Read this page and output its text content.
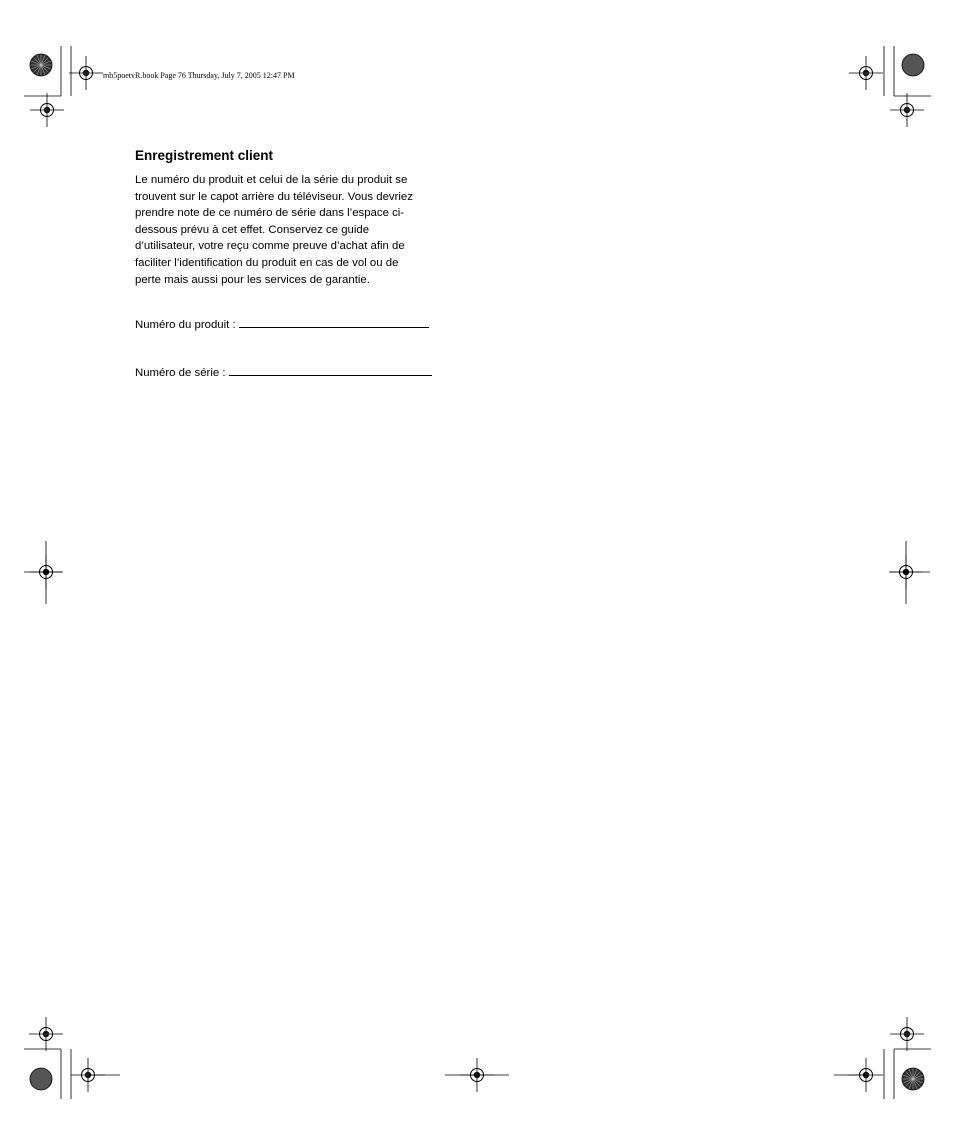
mb5poetvR.book Page 76 Thursday, July 7, 2005 12:47 PM
Enregistrement client

Le numéro du produit et celui de la série du produit se
trouvent sur le capot arrière du téléviseur. Vous devriez
prendre note de ce numéro de série dans l’espace ci-
dessous prévu à cet effet. Conservez ce guide
d’utilisateur, votre reçu comme preuve d’achat afin de
faciliter l’identification du produit en cas de vol ou de
perte mais aussi pour les services de garantie.

Numéro du produit :
Numéro de série :
